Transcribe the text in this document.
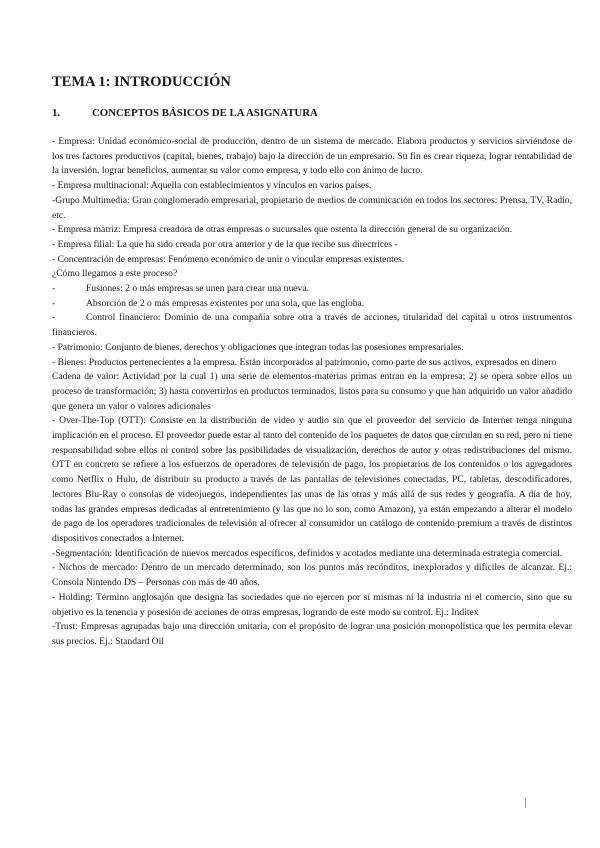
TEMA 1: INTRODUCCIÓN
1.	CONCEPTOS BÁSICOS DE LA ASIGNATURA

- Empresa: Unidad económico-social de producción, dentro de un sistema de mercado. Elabora productos y servicios sirviéndose de los tres factores productivos (capital, bienes, trabajo) bajo la dirección de un empresario. Su fin es crear riqueza, lograr rentabilidad de la inversión, lograr beneficios, aumentar su valor como empresa, y todo ello con ánimo de lucro.

- Empresa multinacional: Aquella con establecimientos y vínculos en varios países.

-Grupo Multimedia: Gran conglomerado empresarial, propietario de medios de comunicación en todos los sectores: Prensa, TV, Radio, etc.

- Empresa matriz: Empresa creadora de otras empresas o sucursales que ostenta la dirección general de su organización.

- Empresa filial: La que ha sido creada por otra anterior y de la que recibe sus directrices -

- Concentración de empresas: Fenómeno económico de unir o vincular empresas existentes.

¿Cómo llegamos a este proceso?

-	Fusiones: 2 o más empresas se unen para crear una nueva.

-	Absorción de 2 o más empresas existentes por una sola, que las engloba.

-	Control financiero: Dominio de una compañía sobre otra a través de acciones, titularidad del capital u otros instrumentos financieros.

- Patrimonio: Conjunto de bienes, derechos y obligaciones que integran todas las posesiones empresariales.

- Bienes: Productos pertenecientes a la empresa. Están incorporados al patrimonio, como parte de sus activos, expresados en dinero

Cadena de valor: Actividad por la cual 1) una serie de elementos-materias primas entran en la empresa; 2) se opera sobre ellos un proceso de transformación; 3) hasta convertirlos en productos terminados, listos para su consumo y que han adquirido un valor añadido que genera un valor o valores adicionales

- Over-The-Top (OTT): Consiste en la distribución de video y audio sin que el proveedor del servicio de Internet tenga ninguna implicación en el proceso. El proveedor puede estar al tanto del contenido de los paquetes de datos que circulan en su red, pero ni tiene responsabilidad sobre ellos ni control sobre las posibilidades de visualización, derechos de autor y otras redistribuciones del mismo. OTT en concreto se refiere a los esfuerzos de operadores de televisión de pago, los propietarios de los contenidos o los agregadores como Netflix o Hulu, de distribuir su producto a través de las pantallas de televisiones conectadas, PC, tabletas, descodificadores, lectores Blu-Ray o consolas de videojuegos, independientes las unas de las otras y más allá de sus redes y geografía. A día de hoy, todas las grandes empresas dedicadas al entretenimiento (y las que no lo son, como Amazon), ya están empezando a alterar el modelo de pago de los operadores tradicionales de televisión al ofrecer al consumidor un catálogo de contenido premium a través de distintos dispositivos conectados a Internet.

-Segmentación: Identificación de nuevos mercados específicos, definidos y acotados mediante una determinada estrategia comercial.

- Nichos de mercado: Dentro de un mercado determinado, son los puntos más recónditos, inexplorados y difíciles de alcanzar. Ej.: Consola Nintendo DS – Personas con más de 40 años.

- Holding: Término anglosajón que designa las sociedades que no ejercen por sí mismas ni la industria ni el comercio, sino que su objetivo es la tenencia y posesión de acciones de otras empresas, logrando de este modo su control. Ej.: Inditex

-Trust: Empresas agrupadas bajo una dirección unitaria, con el propósito de lograr una posición monopolística que les permita elevar sus precios. Ej.: Standard Oil
